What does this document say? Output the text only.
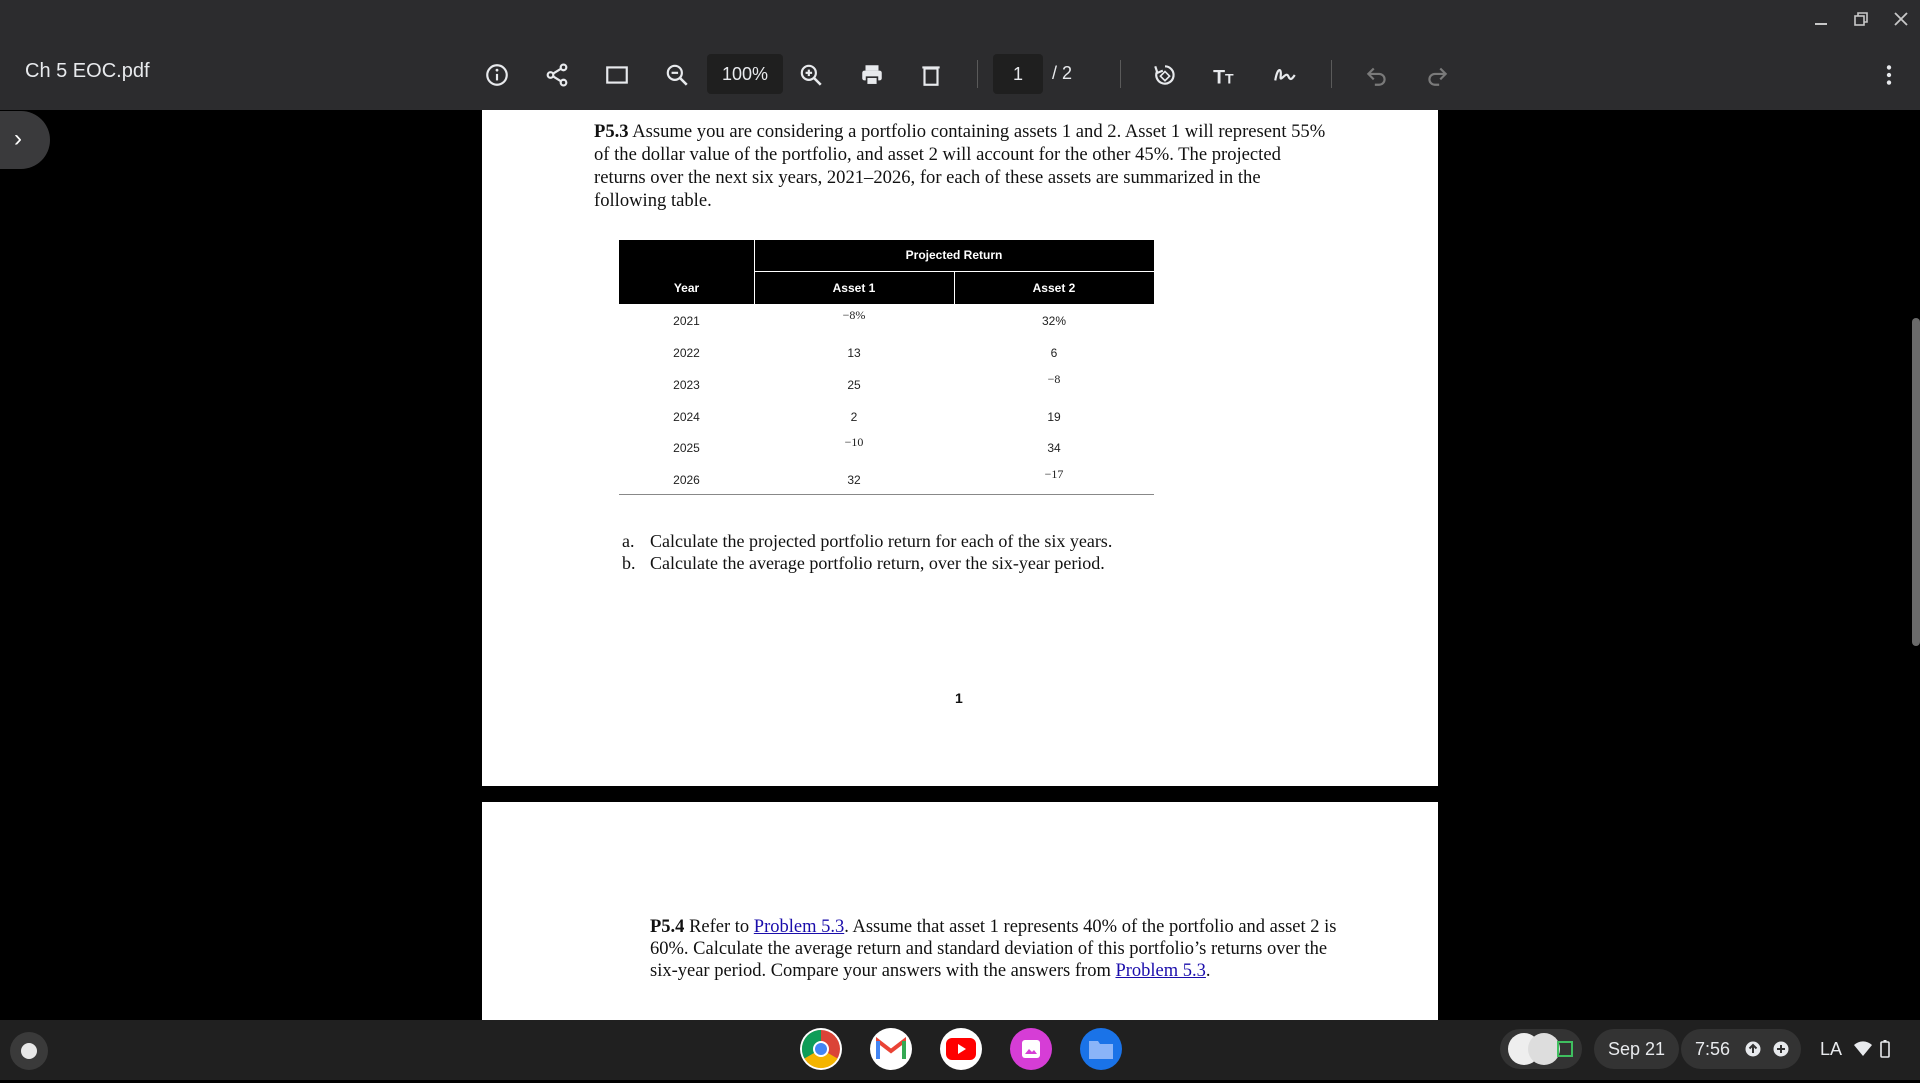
Ch 5 EOC.pdf	100%	1	/ 2	T T
›	P5.3 Assume you are considering a portfolio containing assets 1 and 2. Asset 1 will represent 55% of the dollar value of the portfolio, and asset 2 will account for the other 45%. The projected returns over the next six years, 2021–2026, for each of these assets are summarized in the following table.

Projected Return
Year	Asset 1	Asset 2
2021	−8%	32%
2022	13	6
2023	25	−8
2024	2	19
2025	−10	34
2026	32	−17
a. Calculate the projected portfolio return for each of the six years.
b. Calculate the average portfolio return, over the six-year period.
1

P5.4 Refer to Problem 5.3. Assume that asset 1 represents 40% of the portfolio and asset 2 is 60%. Calculate the average return and standard deviation of this portfolio’s returns over the six-year period. Compare your answers with the answers from Problem 5.3.

Sep 21	7:56	LA
